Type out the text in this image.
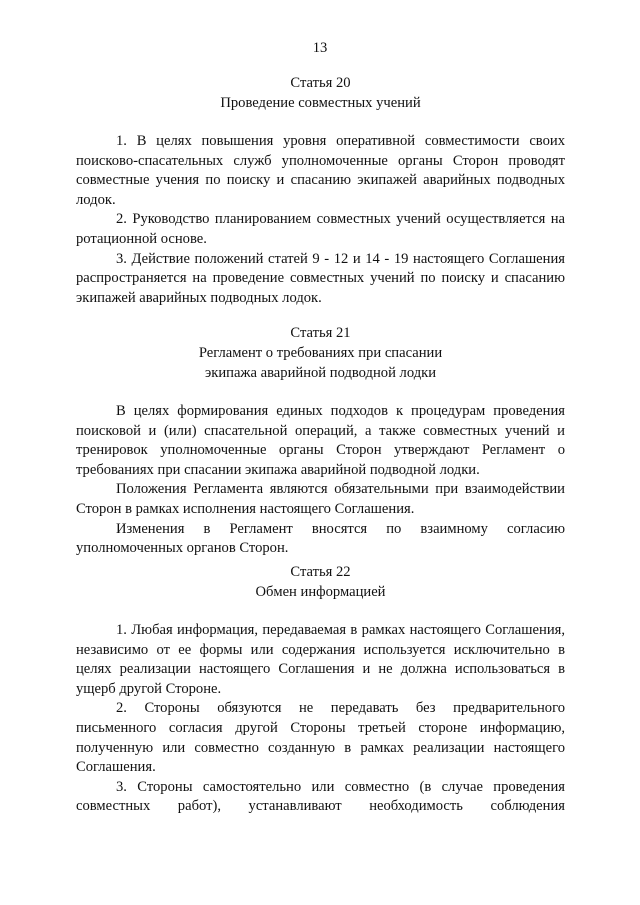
13
Статья 20
Проведение совместных учений

1. В целях повышения уровня оперативной совместимости своих поисково-спасательных служб уполномоченные органы Сторон проводят совместные учения по поиску и спасанию экипажей аварийных подводных лодок.

2. Руководство планированием совместных учений осуществляется на ротационной основе.

3. Действие положений статей 9 - 12 и 14 - 19 настоящего Соглашения распространяется на проведение совместных учений по поиску и спасанию экипажей аварийных подводных лодок.

Статья 21
Регламент о требованиях при спасании
экипажа аварийной подводной лодки

В целях формирования единых подходов к процедурам проведения поисковой и (или) спасательной операций, а также совместных учений и тренировок уполномоченные органы Сторон утверждают Регламент о требованиях при спасании экипажа аварийной подводной лодки.

Положения Регламента являются обязательными при взаимодействии Сторон в рамках исполнения настоящего Соглашения.

Изменения в Регламент вносятся по взаимному согласию уполномоченных органов Сторон.

Статья 22
Обмен информацией

1. Любая информация, передаваемая в рамках настоящего Соглашения, независимо от ее формы или содержания используется исключительно в целях реализации настоящего Соглашения и не должна использоваться в ущерб другой Стороне.

2. Стороны обязуются не передавать без предварительного письменного согласия другой Стороны третьей стороне информацию, полученную или совместно созданную в рамках реализации настоящего Соглашения.

3. Стороны самостоятельно или совместно (в случае проведения совместных работ), устанавливают необходимость соблюдения
